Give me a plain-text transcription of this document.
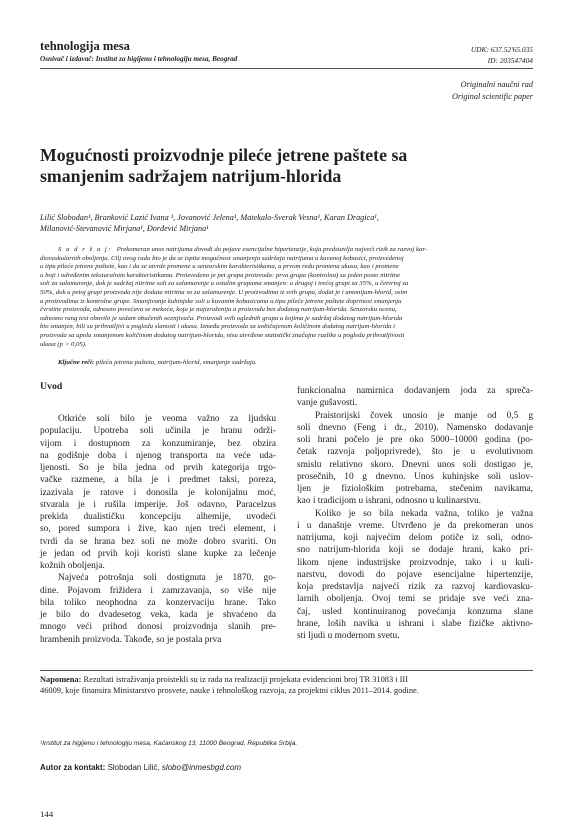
tehnologija mesa
Osnivač i izdavač: Institut za higijenu i tehnologiju mesa, Beograd
UDK: 637.52'65.035
ID: 203547404
Originalni naučni rad
Original scientific paper
Mogućnosti proizvodnje pileće jetrene paštete sa
smanjenim sadržajem natrijum-hlorida
Lilić Slobodan¹, Branković Lazić Ivana ¹, Jovanović Jelena¹, Matekalo-Sverak Vesna¹, Karan Dragica¹,
Milanović-Stevanović Mirjana¹, Đorđević Mirjana¹
S a d r ž a j: Prekomeran unos natrijuma dovodi do pojave esencijalne hipertenzije, koja predstavlja najveći rizik za razvoj kar-
diovaskularnih oboljenja. Cilj ovog rada bio je da se ispita mogućnost smanjenja sadržaja natrijuma u kuvanoj kobasici, proizvedenoj
u tipu pileće jetrene paštete, kao i da se utvrde promene u senzorskim karakteristikama, u prvom redu promena ukusa, kao i promene
u boji i određenim teksturalnim karakteristikama. Proizvedeno je pet grupa proizvoda: prva grupa (kontrolna) sa jeden posto nitritne
soli za salamurenje, dok je sadržaj nitritne soli za salamurenje u ostalim grupama smanjen: u drugoj i trećoj grupi za 35%, u četvrtoj za
50%, dok u petoj grupi proizvoda nije dodata nitritna so za salamurenje. U proizvodima iz svih grupa, dodat je i amonijum-hlorid, osim
u proizvodima iz kontrolne grupe. Smanjivanje kuhinjske soli u kuvanim kobasicama u tipu pileće jetrene paštete doprinosi smanjenju
čvrstine proizvoda, odnosno povećava se mekoća, koja je najizraženija u proizvodu bez dodatog natrijum-hlorida. Senzorsku ocenu,
odnosno rang test obavilo je sedam obučenih ocenjivača. Proizvodi svih oglednih grupa u kojima je sadržaj dodatog natrijum-hlorida
bio smanjen, bili su prihvatljivi u pogledu slanosti i ukusa. Između proizvoda sa uobičajenom količinom dodatog natrijum-hlorida i
proizvoda sa upola smanjenom količinom dodatog natrijum-hlorida, nisu utvrđene statistički značajne razlike u pogledu prihvatljivosti
ukusa (p > 0,05).
Ključne reči: pileća jetrena pašteta, natrijum-hlorid, smanjenje sadržaja.
Uvod

Otkriće soli bilo je veoma važno za ljudsku
populaciju. Upotreba soli učinila je hranu održi-
vijom i dostupnom za konzumiranje, bez obzira
na godišnje doba i njenog transporta na veće uda-
ljenosti. So je bila jedna od prvih kategorija trgo-
vačke razmene, a bila je i predmet taksi, poreza,
izazivala je ratove i donosila je kolonijalnu moć,
stvarala je i rušila imperije. Još odavno, Paracelzus
prekida dualističku koncepciju alhemije, uvodeći
so, pored sumpora i žive, kao njen treći element, i
tvrdi da se hrana bez soli ne može dobro svariti. On
je jedan od prvih koji koristi slane kupke za lečenje
kožnih oboljenja.

Najveća potrošnja soli dostignuta je 1870. go-
dine. Pojavom frižidera i zamrzavanja, so više nije
bila toliko neophodna za konzervaciju hrane. Tako
je bilo do dvadesetog veka, kada je shvaćeno da
mnogo veći prihod donosi proizvodnja slanih pre-
hrambenih proizvoda. Takođe, so je postala prva

funkcionalna namirnica dodavanjem joda za spreča-
vanje gušavosti.

Praistorijski čovek unosio je manje od 0,5 g
soli dnevno (Feng i dr., 2010). Namensko dodavanje
soli hrani počelo je pre oko 5000–10000 godina (po-
četak razvoja poljoprivrede), što je u evolutivnom
smislu relativno skoro. Dnevni unos soli dostigao je,
prosečnih, 10 g dnevno. Unos kuhinjske soli uslov-
ljen je fiziološkim potrebama, stečenim navikama,
kao i tradicijom u ishrani, odnosno u kulinarstvu.

Koliko je so bila nekada važna, toliko je važna
i u današnje vreme. Utvrđeno je da prekomeran unos
natrijuma, koji najvećim delom potiče iz soli, odno-
sno natrijum-hlorida koji se dodaje hrani, kako pri-
likom njene industrijske proizvodnje, tako i u kuli-
narstvu, dovodi do pojave esencijalne hipertenzije,
koja predstavlja najveći rizik za razvoj kardiovasku-
larnih oboljenja. Ovoj temi se pridaje sve veći zna-
čaj, usled kontinuiranog povećanja konzuma slane
hrane, loših navika u ishrani i slabe fizičke aktivno-
sti ljudi u modernom svetu.

Napomena: Rezultati istraživanja proistekli su iz rada na realizaciji projekata evidencioni broj TR 31083 i III
46009, koje finansira Ministarstvo prosvete, nauke i tehnološkog razvoja, za projektni ciklus 2011–2014. godine.
¹Institut za higijenu i tehnologiju mesa, Kaćanskog 13, 11000 Beograd, Republika Srbija.
Autor za kontakt: Slobodan Lilić, slobo@inmesbgd.com
144
